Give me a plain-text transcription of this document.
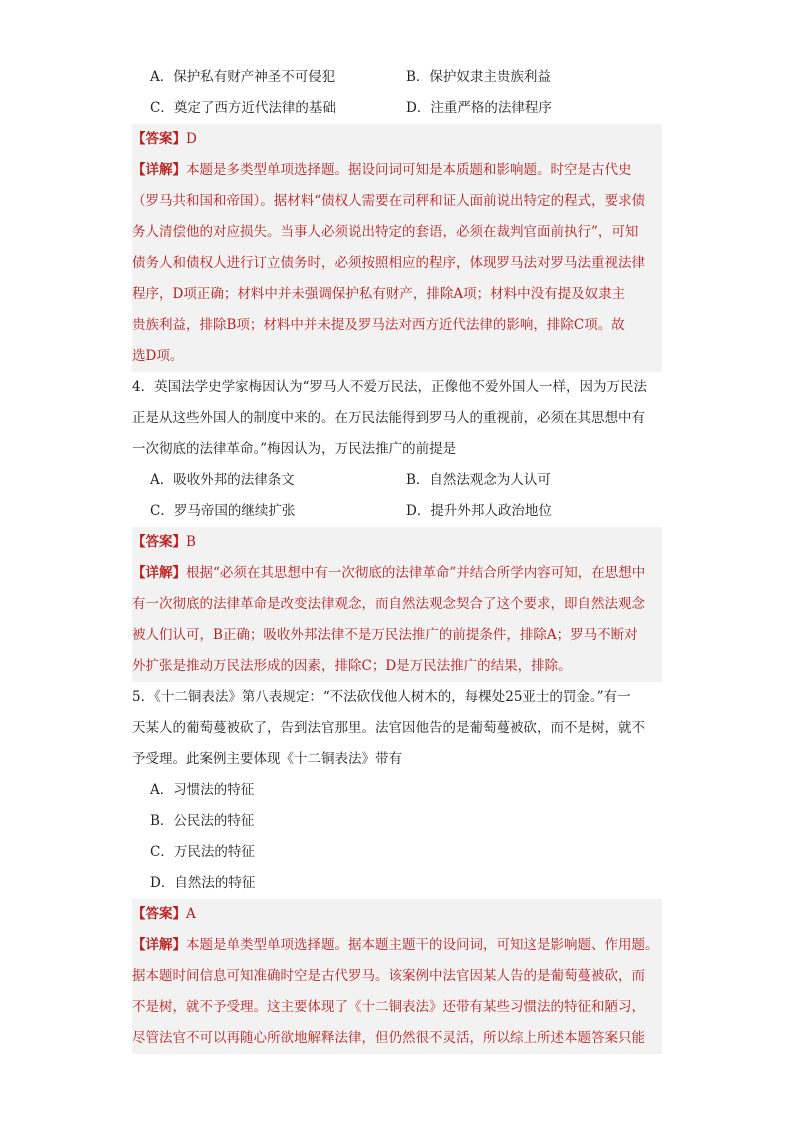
A．保护私有财产神圣不可侵犯	B．保护奴隶主贵族利益
C．奠定了西方近代法律的基础	D．注重严格的法律程序
【答案】D
【详解】本题是多类型单项选择题。据设问词可知是本质题和影响题。时空是古代史
（罗马共和国和帝国）。据材料“债权人需要在司秤和证人面前说出特定的程式，要求债
务人清偿他的对应损失。当事人必须说出特定的套语，必须在裁判官面前执行”，可知
债务人和债权人进行订立债务时，必须按照相应的程序，体现罗马法对罗马法重视法律
程序，D项正确；材料中并未强调保护私有财产，排除A项；材料中没有提及奴隶主
贵族利益，排除B项；材料中并未提及罗马法对西方近代法律的影响，排除C项。故
选D项。
4．英国法学史学家梅因认为“罗马人不爱万民法，正像他不爱外国人一样，因为万民法
正是从这些外国人的制度中来的。在万民法能得到罗马人的重视前，必须在其思想中有
一次彻底的法律革命。”梅因认为，万民法推广的前提是
A．吸收外邦的法律条文	B．自然法观念为人认可
C．罗马帝国的继续扩张	D．提升外邦人政治地位
【答案】B
【详解】根据“必须在其思想中有一次彻底的法律革命”并结合所学内容可知，在思想中
有一次彻底的法律革命是改变法律观念，而自然法观念契合了这个要求，即自然法观念
被人们认可，B正确；吸收外邦法律不是万民法推广的前提条件，排除A；罗马不断对
外扩张是推动万民法形成的因素，排除C；D是万民法推广的结果，排除。
5．《十二铜表法》第八表规定：“不法砍伐他人树木的，每棵处25亚士的罚金。”有一
天某人的葡萄蔓被砍了，告到法官那里。法官因他告的是葡萄蔓被砍，而不是树，就不
予受理。此案例主要体现《十二铜表法》带有
A．习惯法的特征
B．公民法的特征
C．万民法的特征
D．自然法的特征
【答案】A
【详解】本题是单类型单项选择题。据本题主题干的设问词，可知这是影响题、作用题。
据本题时间信息可知准确时空是古代罗马。该案例中法官因某人告的是葡萄蔓被砍，而
不是树，就不予受理。这主要体现了《十二铜表法》还带有某些习惯法的特征和陋习，
尽管法官不可以再随心所欲地解释法律，但仍然很不灵活，所以综上所述本题答案只能
